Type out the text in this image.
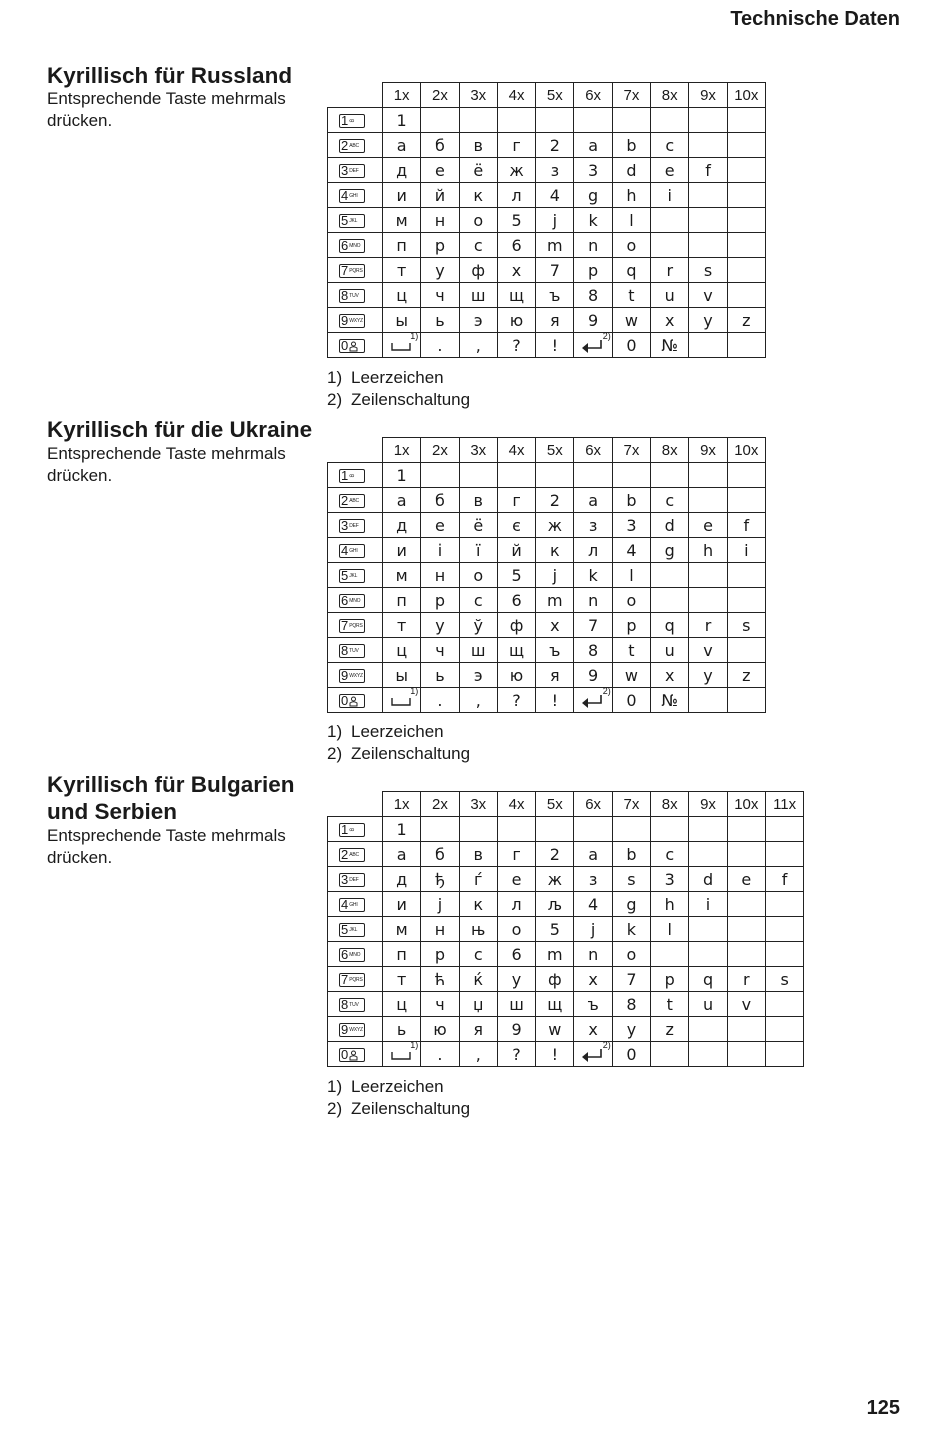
Technische Daten
Kyrillisch für Russland
Entsprechende Taste mehrmals drücken.
	1x	2x	3x	4x	5x	6x	7x	8x	9x	10x

1 ꝏ	1									

2 ABC	а	б	в	г	2	a	b	c		

3 DEF	д	е	ё	ж	з	3	d	e	f	

4 GHI	и	й	к	л	4	g	h	i		

5 JKL	м	н	о	5	j	k	l			

6 MNO	п	р	с	6	m	n	o			

7 PQRS	т	у	ф	х	7	p	q	r	s	

8 TUV	ц	ч	ш	щ	ъ	8	t	u	v	

9 WXYZ	ы	ь	э	ю	я	9	w	x	y	z

0	1)	.	,	?	!	2)	0	№		
1) Leerzeichen
2) Zeilenschaltung
Kyrillisch für die Ukraine
Entsprechende Taste mehrmals drücken.
	1x	2x	3x	4x	5x	6x	7x	8x	9x	10x

1 ꝏ	1									

2 ABC	а	б	в	г	2	a	b	c		

3 DEF	д	е	ё	є	ж	з	3	d	e	f

4 GHI	и	і	ї	й	к	л	4	g	h	i

5 JKL	м	н	о	5	j	k	l			

6 MNO	п	р	с	6	m	n	o			

7 PQRS	т	у	ў	ф	х	7	p	q	r	s

8 TUV	ц	ч	ш	щ	ъ	8	t	u	v	

9 WXYZ	ы	ь	э	ю	я	9	w	x	y	z

0	1)	.	,	?	!	2)	0	№		
1) Leerzeichen
2) Zeilenschaltung
Kyrillisch für Bulgarien und Serbien
Entsprechende Taste mehrmals drücken.
	1x	2x	3x	4x	5x	6x	7x	8x	9x	10x	11x

1 ꝏ	1										

2 ABC	а	б	в	г	2	a	b	c			

3 DEF	д	ђ	ѓ	е	ж	з	ѕ	3	d	e	f

4 GHI	и	ј	к	л	љ	4	g	h	i		

5 JKL	м	н	њ	о	5	j	k	l			

6 MNO	п	р	с	6	m	n	o				

7 PQRS	т	ћ	ќ	у	ф	х	7	p	q	r	s

8 TUV	ц	ч	џ	ш	щ	ъ	8	t	u	v	

9 WXYZ	ь	ю	я	9	w	x	y	z			

0	1)	.	,	?	!	2)	0				
1) Leerzeichen
2) Zeilenschaltung
125
